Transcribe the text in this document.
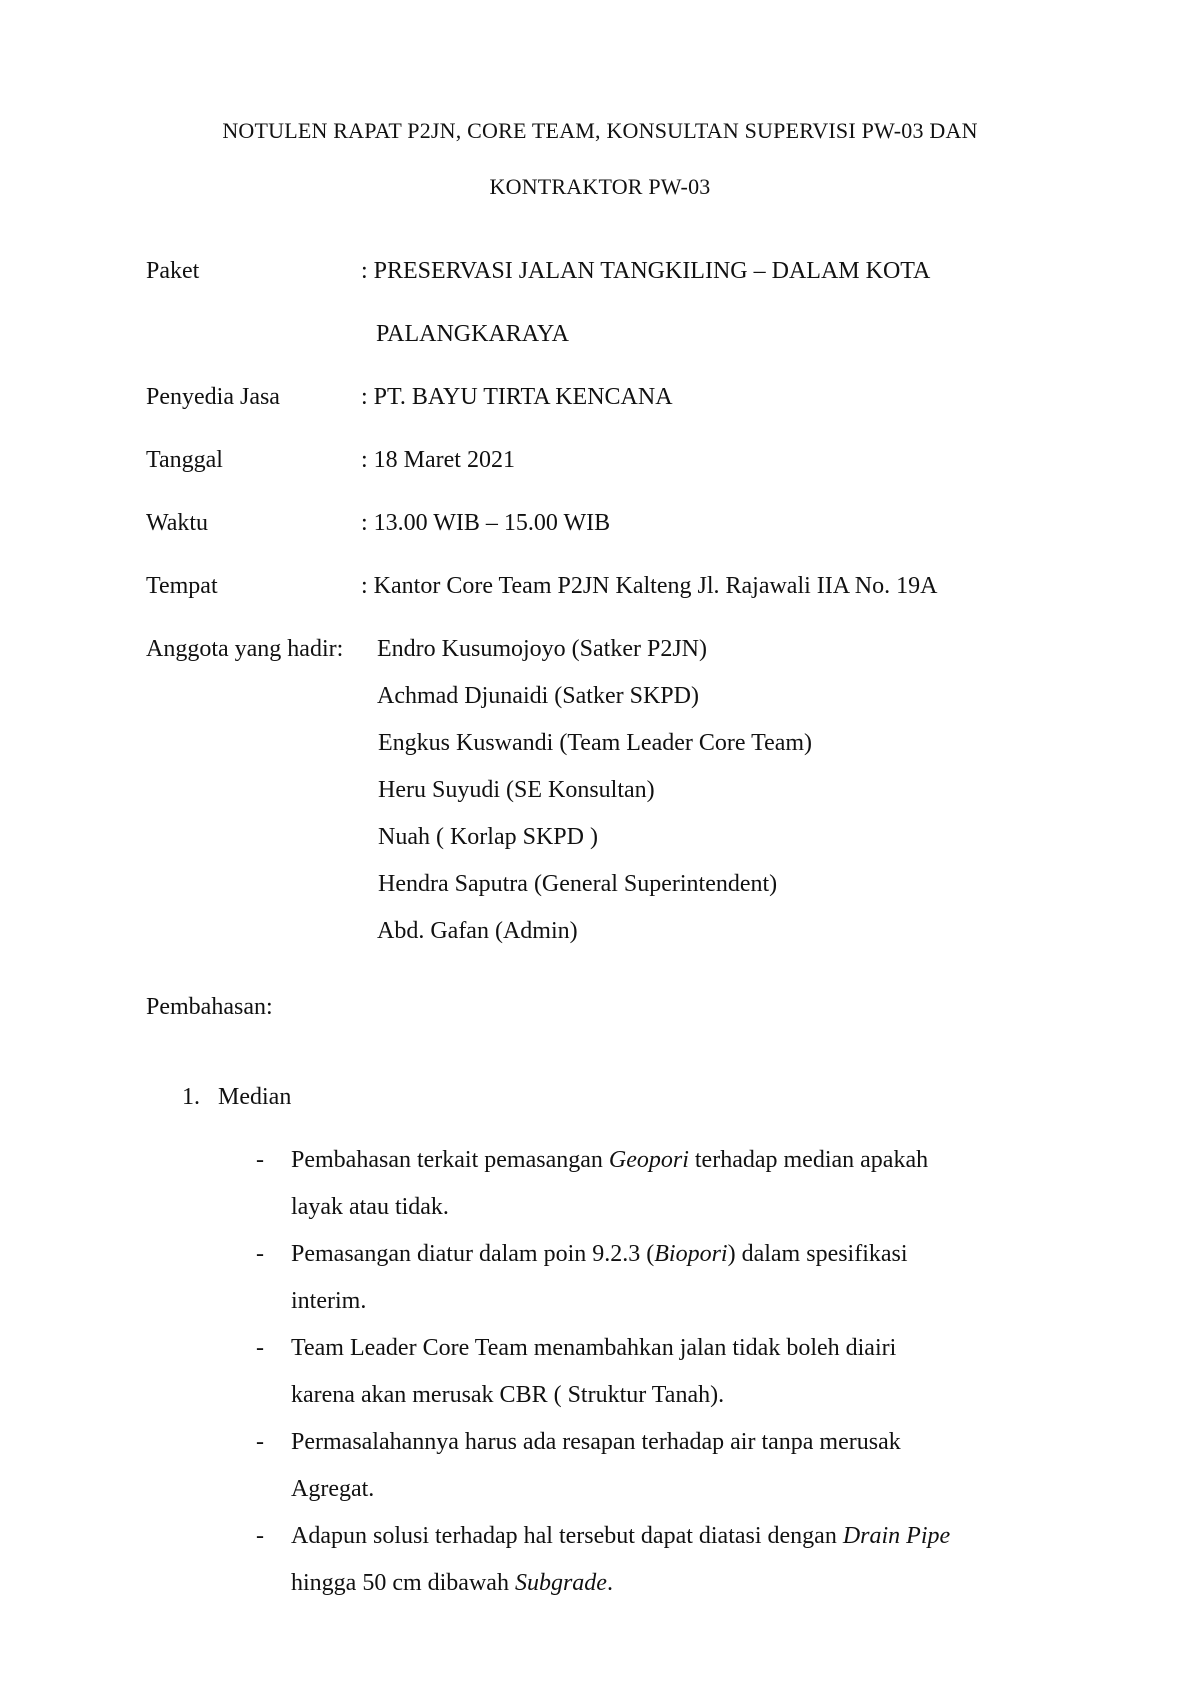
NOTULEN RAPAT P2JN, CORE TEAM, KONSULTAN SUPERVISI PW-03 DAN
KONTRAKTOR PW-03
Paket	: PRESERVASI JALAN TANGKILING – DALAM KOTA
PALANGKARAYA
Penyedia Jasa	: PT. BAYU TIRTA KENCANA
Tanggal	: 18 Maret 2021
Waktu	: 13.00 WIB – 15.00 WIB
Tempat	: Kantor Core Team P2JN Kalteng Jl. Rajawali IIA No. 19A
Anggota yang hadir: Endro Kusumojoyo (Satker P2JN)
Achmad Djunaidi (Satker SKPD)
Engkus Kuswandi (Team Leader Core Team)
Heru Suyudi (SE Konsultan)
Nuah ( Korlap SKPD )
Hendra Saputra (General Superintendent)
Abd. Gafan (Admin)
Pembahasan:
1. Median
- Pembahasan terkait pemasangan Geopori terhadap median apakah
layak atau tidak.
- Pemasangan diatur dalam poin 9.2.3 (Biopori) dalam spesifikasi
interim.
- Team Leader Core Team menambahkan jalan tidak boleh diairi
karena akan merusak CBR ( Struktur Tanah).
- Permasalahannya harus ada resapan terhadap air tanpa merusak
Agregat.
- Adapun solusi terhadap hal tersebut dapat diatasi dengan Drain Pipe
hingga 50 cm dibawah Subgrade.
